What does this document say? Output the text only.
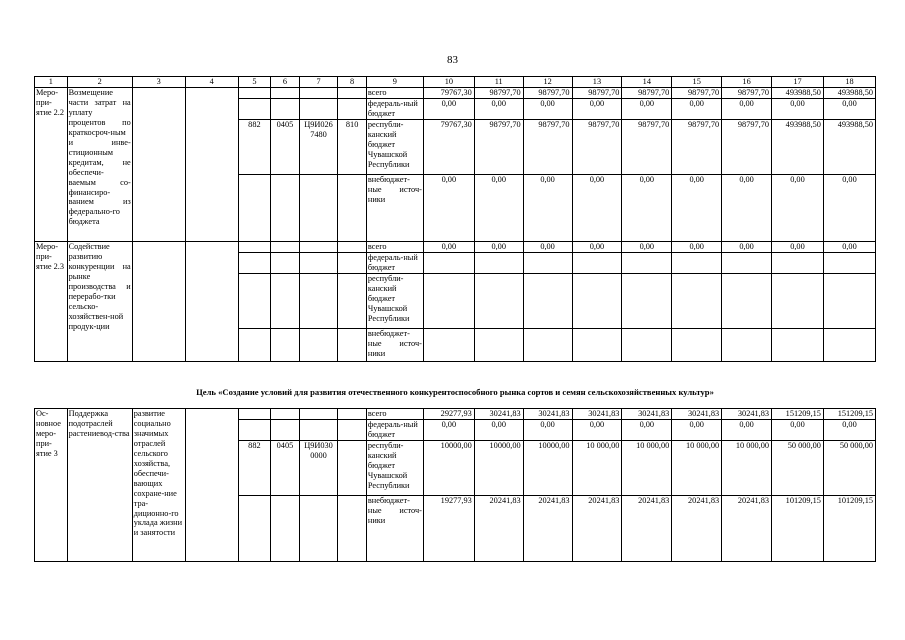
83
1	2	3	4	5	6	7	8	9	10	11	12	13	14	15	16	17	18
Меро-при-ятие 2.2	Возмещение части затрат на уплату процентов по краткосроч-ным и инве-стиционным кредитам, не обеспечи-ваемым со-финансиро-ванием из федерально-го бюджета							всего	79767,30	98797,70	98797,70	98797,70	98797,70	98797,70	98797,70	493988,50	493988,50
								федераль-ный бюджет	0,00	0,00	0,00	0,00	0,00	0,00	0,00	0,00	0,00
				882	0405	Ц9И026 7480	810	республи-канский бюджет Чувашской Республики	79767,30	98797,70	98797,70	98797,70	98797,70	98797,70	98797,70	493988,50	493988,50
								внебюджет-ные источ-ники	0,00	0,00	0,00	0,00	0,00	0,00	0,00	0,00	0,00
Меро-при-ятие 2.3	Содействие развитию конкуренции на рынке производства и перерабо-тки сельско-хозяйствен-ной продук-ции							всего	0,00	0,00	0,00	0,00	0,00	0,00	0,00	0,00	0,00
								федераль-ный бюджет									
								республи-канский бюджет Чувашской Республики									
								внебюджет-ные источ-ники									
Цель «Создание условий для развития отечественного конкурентоспособного рынка сортов и семян сельскохозяйственных культур»
Ос-новное меро-при-ятие 3	Поддержка подотраслей растениевод-ства	развитие социально значимых отраслей сельского хозяйства, обеспечи-вающих сохране-ние тра-диционно-го уклада жизни и занятости						всего	29277,93	30241,83	30241,83	30241,83	30241,83	30241,83	30241,83	151209,15	151209,15
								федераль-ный бюджет	0,00	0,00	0,00	0,00	0,00	0,00	0,00	0,00	0,00
				882	0405	Ц9И030 0000		республи-канский бюджет Чувашской Республики	10000,00	10000,00	10000,00	10 000,00	10 000,00	10 000,00	10 000,00	50 000,00	50 000,00
								внебюджет-ные источ-ники	19277,93	20241,83	20241,83	20241,83	20241,83	20241,83	20241,83	101209,15	101209,15
